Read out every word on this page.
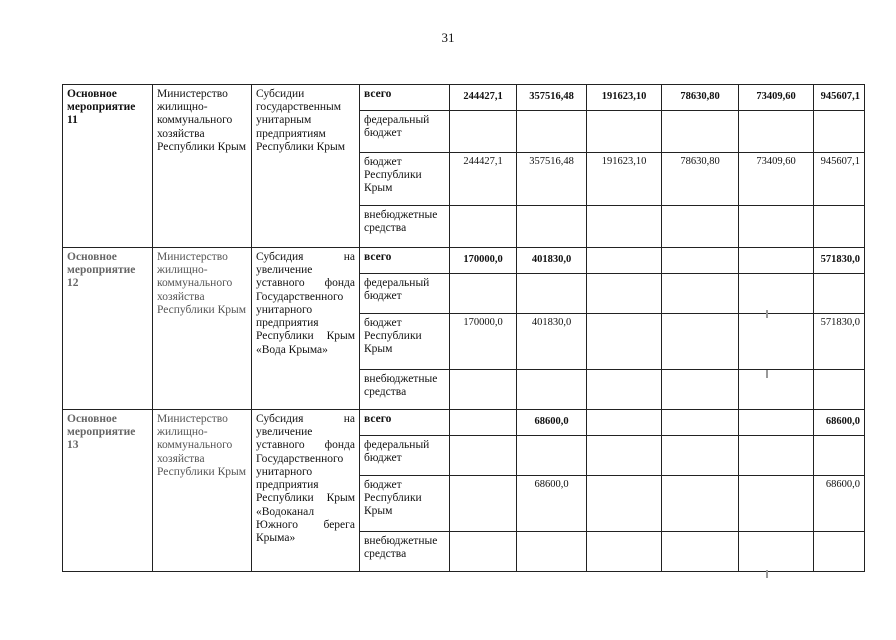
31
Основное мероприятие 11	Министерство жилищно-коммунального хозяйства Республики Крым	Субсидии государственным унитарным предприятиям Республики Крым	всего	244427,1	357516,48	191623,10	78630,80	73409,60	945607,1
			федеральный бюджет						
			бюджет Республики Крым	244427,1	357516,48	191623,10	78630,80	73409,60	945607,1
			внебюджетные средства						
Основное мероприятие 12	Министерство жилищно-коммунального хозяйства Республики Крым	Субсидия на увеличение уставного фонда Государственного унитарного предприятия Республики Крым «Вода Крыма»	всего	170000,0	401830,0				571830,0
			федеральный бюджет						
			бюджет Республики Крым	170000,0	401830,0				571830,0
			внебюджетные средства						
Основное мероприятие 13	Министерство жилищно-коммунального хозяйства Республики Крым	Субсидия на увеличение уставного фонда Государственного унитарного предприятия Республики Крым «Водоканал Южного берега Крыма»	всего		68600,0				68600,0
			федеральный бюджет						
			бюджет Республики Крым		68600,0				68600,0
			внебюджетные средства						
